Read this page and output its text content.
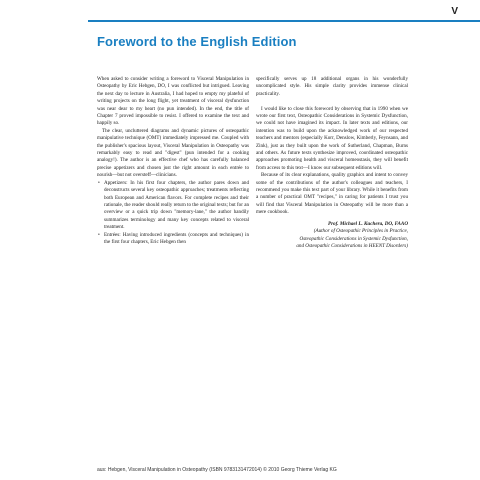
V
Foreword to the English Edition

When asked to consider writing a foreword to Visceral Manipulation in Osteopathy by Eric Hebgen, DO, I was conflicted but intrigued. Leaving the next day to lecture in Australia, I had hoped to empty my plateful of writing projects on the long flight, yet treatment of visceral dysfunction was near dear to my heart (no pun intended). In the end, the title of Chapter 7 proved impossible to resist. I offered to examine the text and happily so.

The clear, uncluttered diagrams and dynamic pictures of osteopathic manipulative technique (OMT) immediately impressed me. Coupled with the publisher's spacious layout, Visceral Manipulation in Osteopathy was remarkably easy to read and "digest" (pun intended for a cooking analogy!). The author is an effective chef who has carefully balanced precise appetizers and chosen just the right amount in each entrée to nourish—but not oversteff—clinicians.

• Appetizers: In his first four chapters, the author pares down and deconstructs several key osteopathic approaches; treatments reflecting both European and American flavors. For complete recipes and their rationale, the reader should really return to the original texts; but for an overview or a quick trip down "memory-lane," the author handily summarizes terminology and many key concepts related to visceral treatment.
• Entrées: Having introduced ingredients (concepts and techniques) in the first four chapters, Eric Hebgen then

specifically serves up 18 additional organs in his wonderfully uncomplicated style. His simple clarity provides immense clinical practicality.

I would like to close this foreword by observing that in 1990 when we wrote our first text, Osteopathic Considerations in Systemic Dysfunction, we could not have imagined its impact. In later texts and editions, our intention was to build upon the acknowledged work of our respected teachers and mentors (especially Korr, Denslow, Kimberly, Feynsann, and Zink), just as they built upon the work of Sutherland, Chapman, Burns and others. As future texts synthesize improved, coordinated osteopathic approaches promoting health and visceral homeostasis, they will benefit from access to this text—I know our subsequent editions will.

Because of its clear explanations, quality graphics and intent to convey some of the contributions of the author's colleagues and teachers, I recommend you make this text part of your library. While it benefits from a number of practical OMT "recipes," in caring for patients I trust you will find that Visceral Manipulation in Osteopathy will be more than a mere cookbook.

Prof. Michael L. Kuchera, DO, FAAO
(Author of Osteopathic Principles in Practice,
Osteopathic Considerations in Systemic Dysfunction,
and Osteopathic Considerations in HEENT Disorders)
aus: Hebgen, Visceral Manipulation in Osteopathy (ISBN 9783131472014) © 2010 Georg Thieme Verlag KG
